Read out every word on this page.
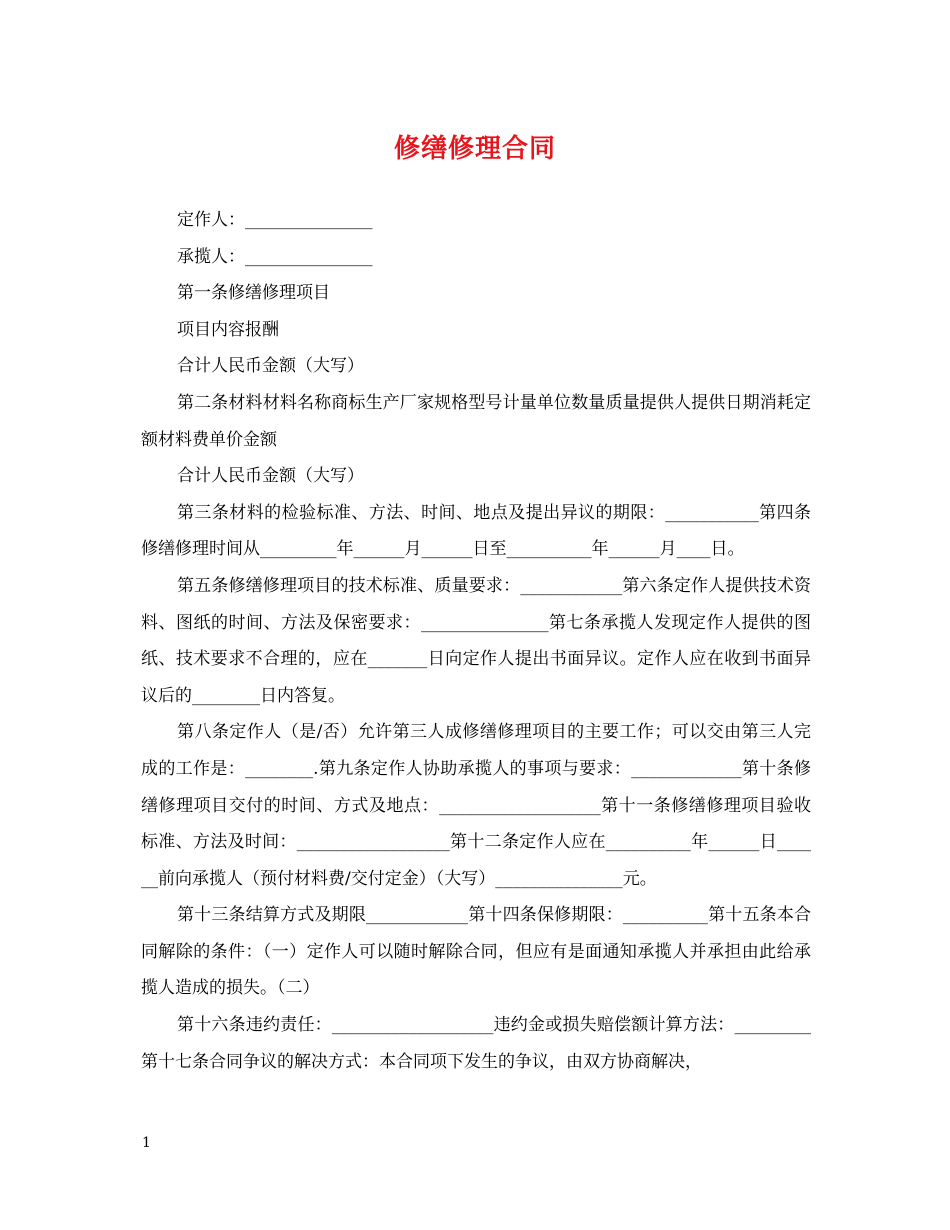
修缮修理合同

定作人：_______________

承揽人：_______________

第一条修缮修理项目

项目内容报酬

合计人民币金额（大写）

第二条材料材料名称商标生产厂家规格型号计量单位数量质量提供人提供日期消耗定额材料费单价金额

合计人民币金额（大写）

第三条材料的检验标准、方法、时间、地点及提出异议的期限：___________第四条修缮修理时间从_________年______月______日至__________年______月____日。

第五条修缮修理项目的技术标准、质量要求：____________第六条定作人提供技术资料、图纸的时间、方法及保密要求：_______________第七条承揽人发现定作人提供的图纸、技术要求不合理的，应在_______日向定作人提出书面异议。定作人应在收到书面异议后的________日内答复。

第八条定作人（是/否）允许第三人成修缮修理项目的主要工作；可以交由第三人完成的工作是：________.第九条定作人协助承揽人的事项与要求：_____________第十条修缮修理项目交付的时间、方式及地点：___________________第十一条修缮修理项目验收标准、方法及时间：__________________第十二条定作人应在__________年______日______前向承揽人（预付材料费/交付定金）（大写）_______________元。

第十三条结算方式及期限____________第十四条保修期限：__________第十五条本合同解除的条件：（一）定作人可以随时解除合同，但应有是面通知承揽人并承担由此给承揽人造成的损失。（二）

第十六条违约责任：___________________违约金或损失赔偿额计算方法：_________第十七条合同争议的解决方式：本合同项下发生的争议，由双方协商解决，

1
